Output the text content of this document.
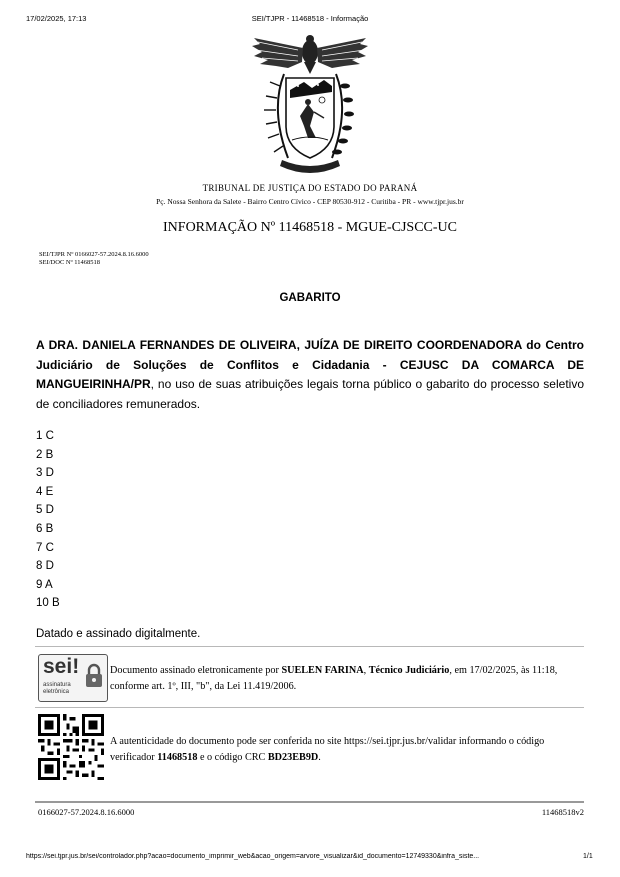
17/02/2025, 17:13	SEI/TJPR - 11468518 - Informação
TRIBUNAL DE JUSTIÇA DO ESTADO DO PARANÁ
Pç. Nossa Senhora da Salete - Bairro Centro Cívico - CEP 80530-912 - Curitiba - PR - www.tjpr.jus.br
INFORMAÇÃO Nº 11468518 - MGUE-CJSCC-UC
SEI/TJPR Nº 0166027-57.2024.8.16.6000
SEI/DOC Nº 11468518
GABARITO
A DRA. DANIELA FERNANDES DE OLIVEIRA, JUÍZA DE DIREITO COORDENADORA do Centro Judiciário de Soluções de Conflitos e Cidadania - CEJUSC DA COMARCA DE MANGUEIRINHA/PR, no uso de suas atribuições legais torna público o gabarito do processo seletivo de conciliadores remunerados.
1 C
2 B
3 D
4 E
5 D
6 B
7 C
8 D
9 A
10 B
Datado e assinado digitalmente.
sei!
assinatura
eletrônica
Documento assinado eletronicamente por SUELEN FARINA, Técnico Judiciário, em 17/02/2025, às 11:18, conforme art. 1º, III, "b", da Lei 11.419/2006.
A autenticidade do documento pode ser conferida no site https://sei.tjpr.jus.br/validar informando o código verificador 11468518 e o código CRC BD23EB9D.
0166027-57.2024.8.16.6000	11468518v2
https://sei.tjpr.jus.br/sei/controlador.php?acao=documento_imprimir_web&acao_origem=arvore_visualizar&id_documento=12749330&infra_siste...	1/1
